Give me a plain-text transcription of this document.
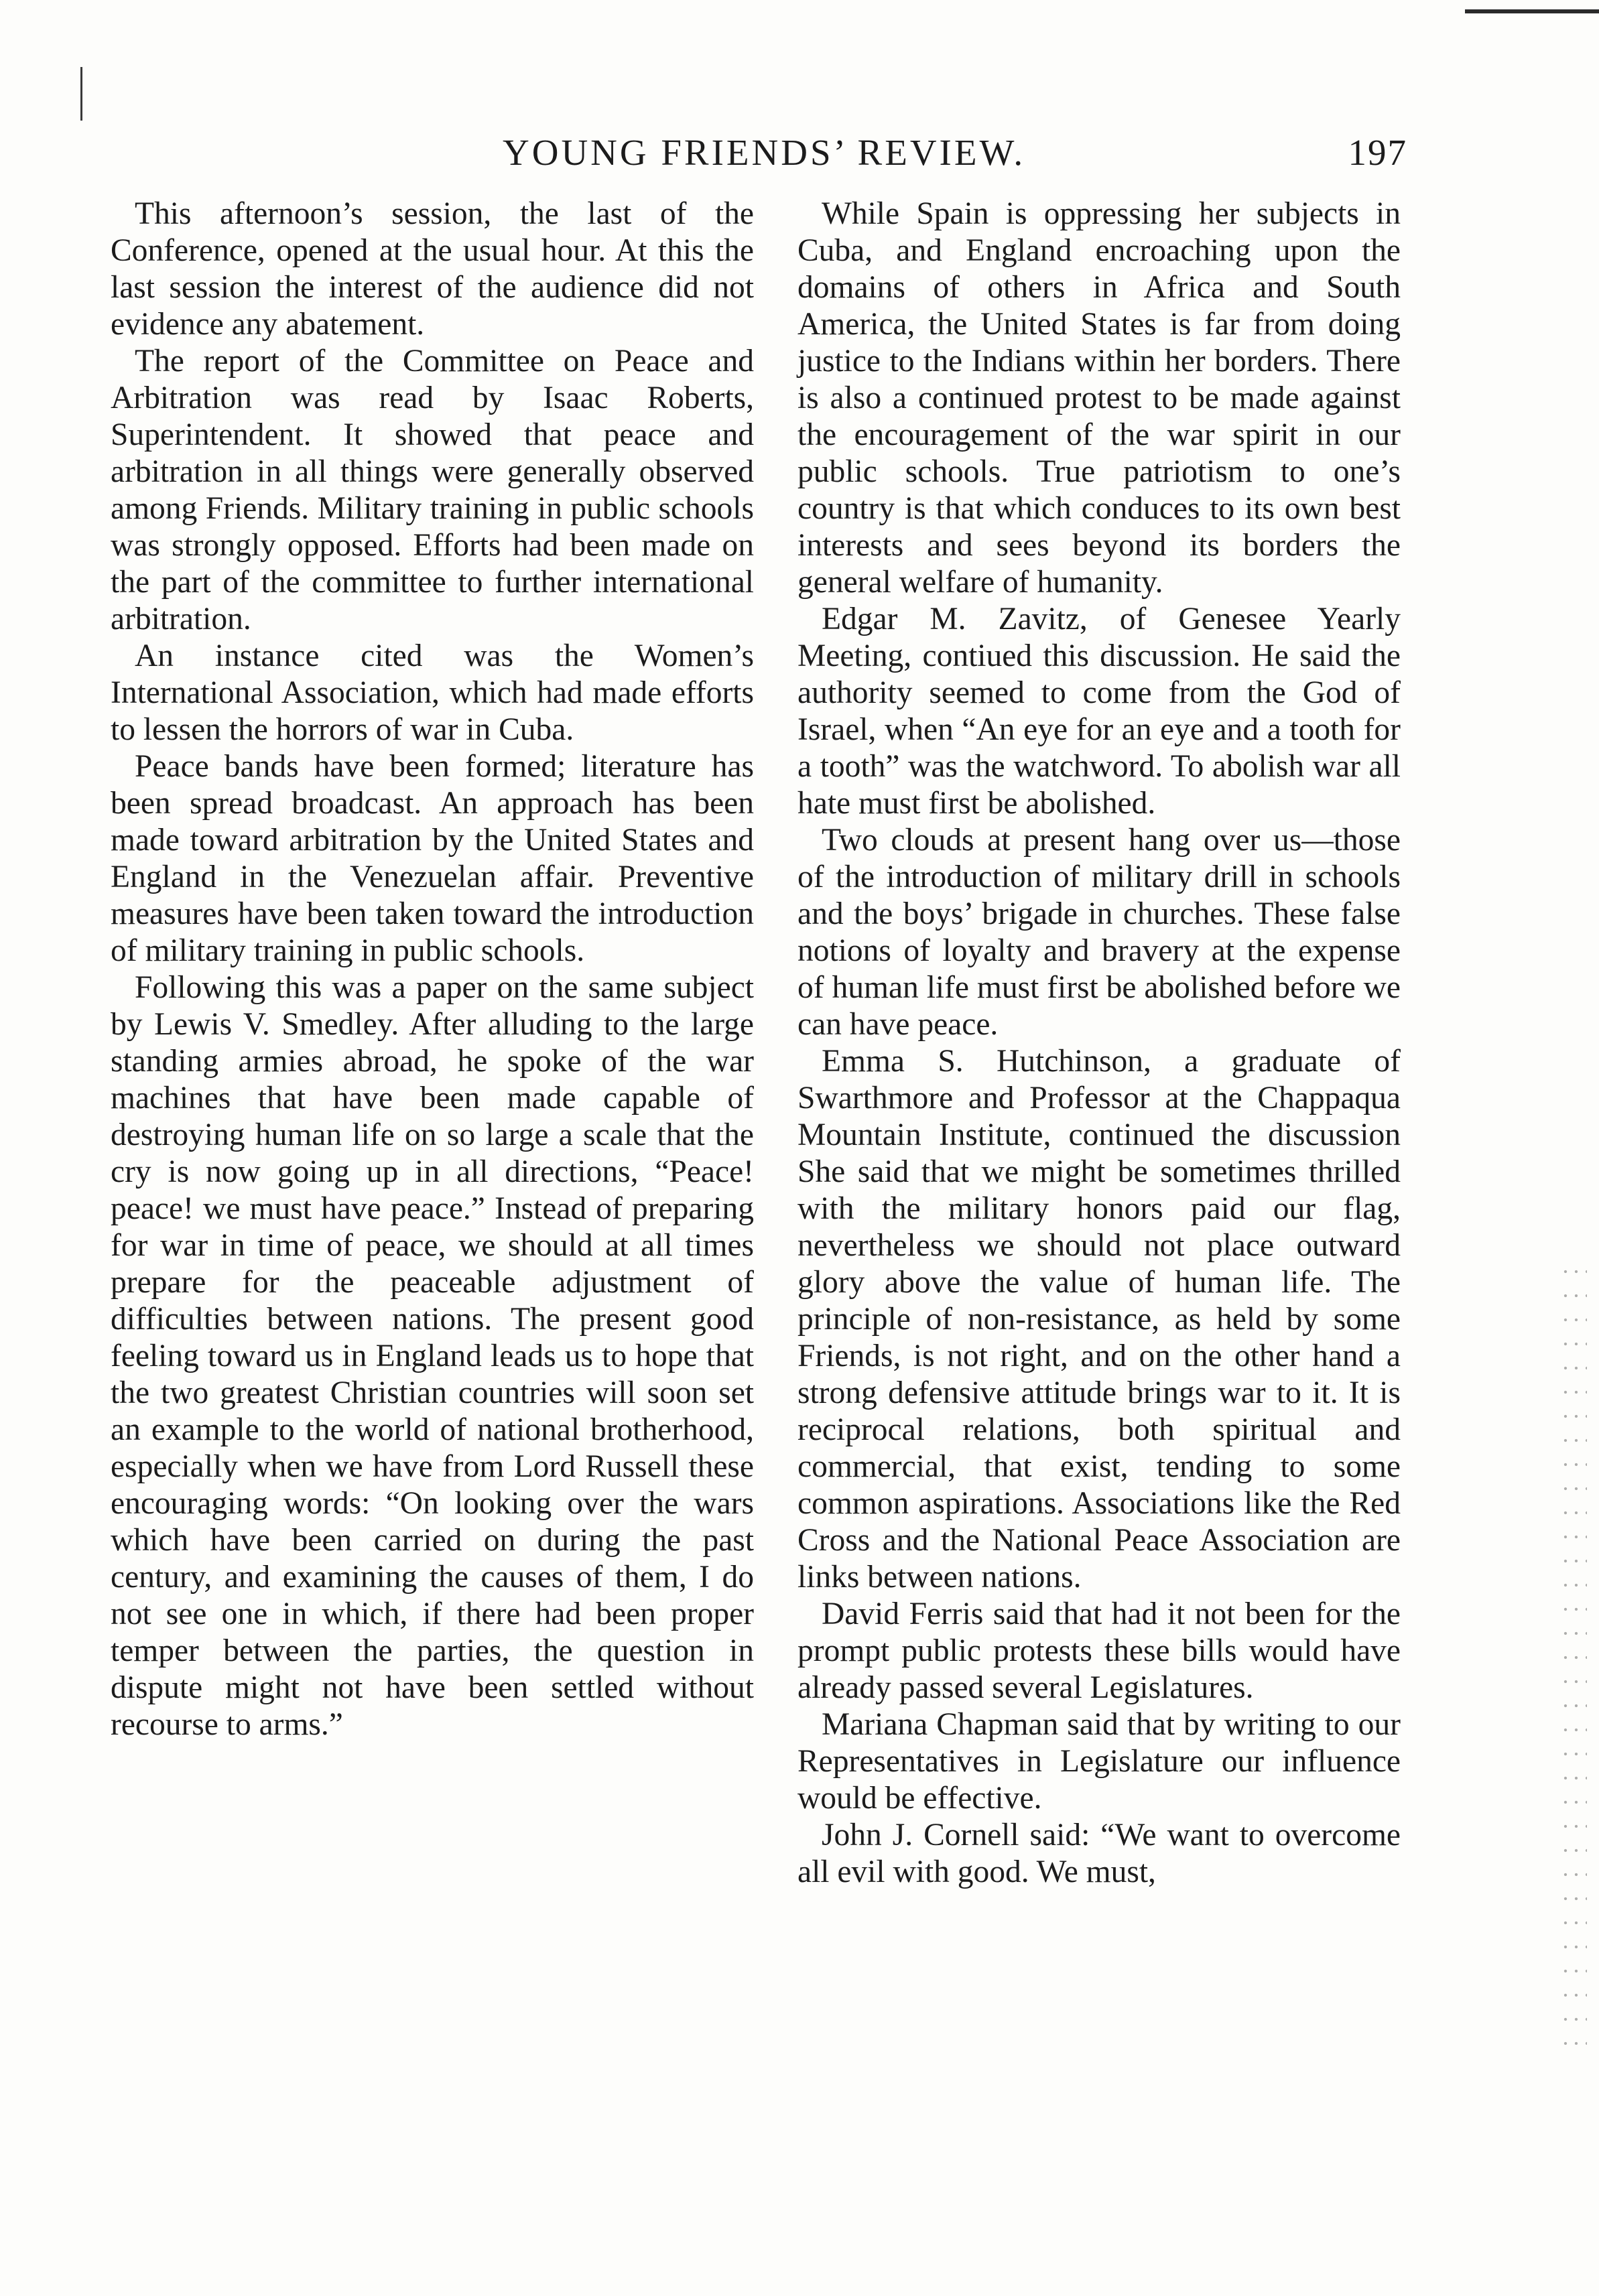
YOUNG FRIENDS’ REVIEW.	197

This afternoon’s session, the last of the Conference, opened at the usual hour. At this the last session the interest of the audience did not evidence any abatement.

The report of the Committee on Peace and Arbitration was read by Isaac Roberts, Superintendent. It showed that peace and arbitration in all things were generally observed among Friends. Military training in public schools was strongly opposed. Efforts had been made on the part of the committee to further international arbitration.

An instance cited was the Women’s International Association, which had made efforts to lessen the horrors of war in Cuba.

Peace bands have been formed; literature has been spread broadcast. An approach has been made toward arbitration by the United States and England in the Venezuelan affair. Preventive measures have been taken toward the introduction of military training in public schools.

Following this was a paper on the same subject by Lewis V. Smedley. After alluding to the large standing armies abroad, he spoke of the war machines that have been made capable of destroying human life on so large a scale that the cry is now going up in all directions, “Peace! peace! we must have peace.” Instead of preparing for war in time of peace, we should at all times prepare for the peaceable adjustment of difficulties between nations. The present good feeling toward us in England leads us to hope that the two greatest Christian countries will soon set an example to the world of national brotherhood, especially when we have from Lord Russell these encouraging words: “On looking over the wars which have been carried on during the past century, and examining the causes of them, I do not see one in which, if there had been proper temper between the parties, the question in dispute might not have been settled without recourse to arms.”

While Spain is oppressing her subjects in Cuba, and England encroaching upon the domains of others in Africa and South America, the United States is far from doing justice to the Indians within her borders. There is also a continued protest to be made against the encouragement of the war spirit in our public schools. True patriotism to one’s country is that which conduces to its own best interests and sees beyond its borders the general welfare of humanity.

Edgar M. Zavitz, of Genesee Yearly Meeting, contiued this discussion. He said the authority seemed to come from the God of Israel, when “An eye for an eye and a tooth for a tooth” was the watchword. To abolish war all hate must first be abolished.

Two clouds at present hang over us—those of the introduction of military drill in schools and the boys’ brigade in churches. These false notions of loyalty and bravery at the expense of human life must first be abolished before we can have peace.

Emma S. Hutchinson, a graduate of Swarthmore and Professor at the Chappaqua Mountain Institute, continued the discussion She said that we might be sometimes thrilled with the military honors paid our flag, nevertheless we should not place outward glory above the value of human life. The principle of non-resistance, as held by some Friends, is not right, and on the other hand a strong defensive attitude brings war to it. It is reciprocal relations, both spiritual and commercial, that exist, tending to some common aspirations. Associations like the Red Cross and the National Peace Association are links between nations.

David Ferris said that had it not been for the prompt public protests these bills would have already passed several Legislatures.

Mariana Chapman said that by writing to our Representatives in Legislature our influence would be effective.

John J. Cornell said: “We want to overcome all evil with good. We must,
